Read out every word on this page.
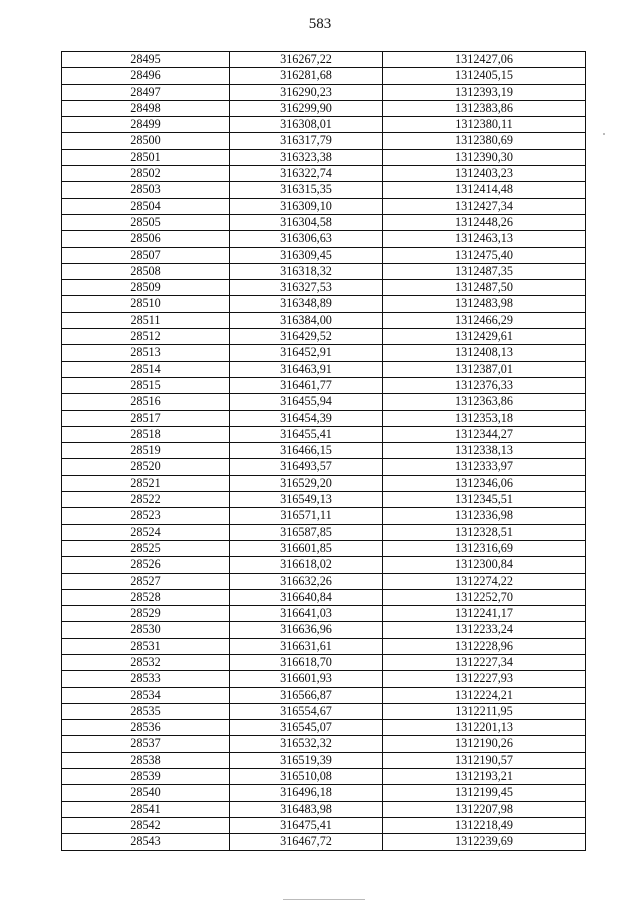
583
28495	316267,22	1312427,06
28496	316281,68	1312405,15
28497	316290,23	1312393,19
28498	316299,90	1312383,86
28499	316308,01	1312380,11
28500	316317,79	1312380,69
28501	316323,38	1312390,30
28502	316322,74	1312403,23
28503	316315,35	1312414,48
28504	316309,10	1312427,34
28505	316304,58	1312448,26
28506	316306,63	1312463,13
28507	316309,45	1312475,40
28508	316318,32	1312487,35
28509	316327,53	1312487,50
28510	316348,89	1312483,98
28511	316384,00	1312466,29
28512	316429,52	1312429,61
28513	316452,91	1312408,13
28514	316463,91	1312387,01
28515	316461,77	1312376,33
28516	316455,94	1312363,86
28517	316454,39	1312353,18
28518	316455,41	1312344,27
28519	316466,15	1312338,13
28520	316493,57	1312333,97
28521	316529,20	1312346,06
28522	316549,13	1312345,51
28523	316571,11	1312336,98
28524	316587,85	1312328,51
28525	316601,85	1312316,69
28526	316618,02	1312300,84
28527	316632,26	1312274,22
28528	316640,84	1312252,70
28529	316641,03	1312241,17
28530	316636,96	1312233,24
28531	316631,61	1312228,96
28532	316618,70	1312227,34
28533	316601,93	1312227,93
28534	316566,87	1312224,21
28535	316554,67	1312211,95
28536	316545,07	1312201,13
28537	316532,32	1312190,26
28538	316519,39	1312190,57
28539	316510,08	1312193,21
28540	316496,18	1312199,45
28541	316483,98	1312207,98
28542	316475,41	1312218,49
28543	316467,72	1312239,69
